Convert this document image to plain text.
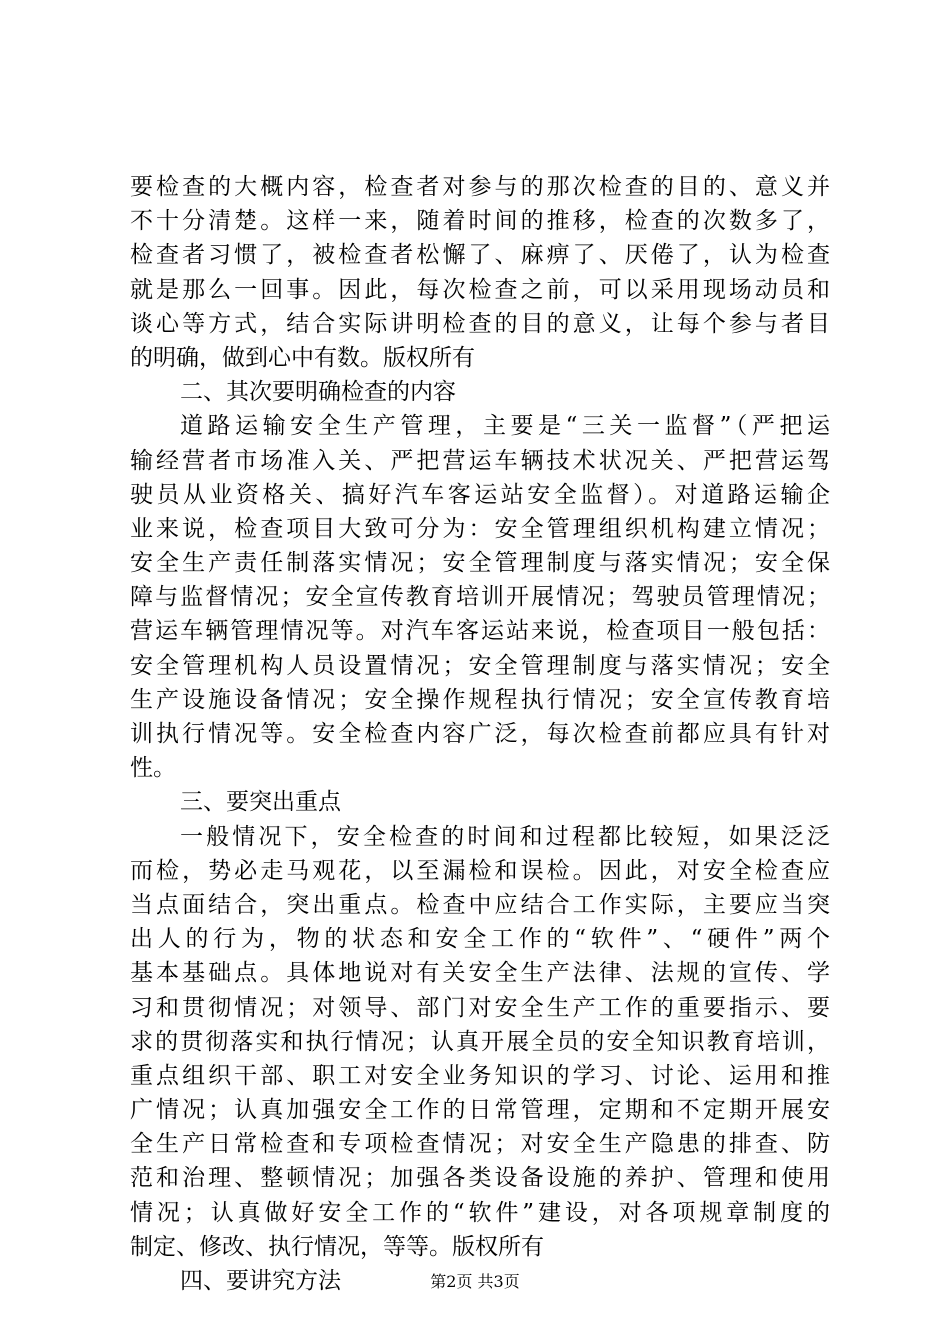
要检查的大概内容，检查者对参与的那次检查的目的、意义并
不十分清楚。这样一来，随着时间的推移，检查的次数多了，
检查者习惯了，被检查者松懈了、麻痹了、厌倦了，认为检查
就是那么一回事。因此，每次检查之前，可以采用现场动员和
谈心等方式，结合实际讲明检查的目的意义，让每个参与者目
的明确，做到心中有数。版权所有
二、其次要明确检查的内容
道路运输安全生产管理，主要是“三关一监督”（严把运
输经营者市场准入关、严把营运车辆技术状况关、严把营运驾
驶员从业资格关、搞好汽车客运站安全监督）。对道路运输企
业来说，检查项目大致可分为：安全管理组织机构建立情况；
安全生产责任制落实情况；安全管理制度与落实情况；安全保
障与监督情况；安全宣传教育培训开展情况；驾驶员管理情况；
营运车辆管理情况等。对汽车客运站来说，检查项目一般包括：
安全管理机构人员设置情况；安全管理制度与落实情况；安全
生产设施设备情况；安全操作规程执行情况；安全宣传教育培
训执行情况等。安全检查内容广泛，每次检查前都应具有针对
性。
三、要突出重点
一般情况下，安全检查的时间和过程都比较短，如果泛泛
而检，势必走马观花，以至漏检和误检。因此，对安全检查应
当点面结合，突出重点。检查中应结合工作实际，主要应当突
出人的行为，物的状态和安全工作的“软件”、“硬件”两个
基本基础点。具体地说对有关安全生产法律、法规的宣传、学
习和贯彻情况；对领导、部门对安全生产工作的重要指示、要
求的贯彻落实和执行情况；认真开展全员的安全知识教育培训，
重点组织干部、职工对安全业务知识的学习、讨论、运用和推
广情况；认真加强安全工作的日常管理，定期和不定期开展安
全生产日常检查和专项检查情况；对安全生产隐患的排查、防
范和治理、整顿情况；加强各类设备设施的养护、管理和使用
情况；认真做好安全工作的“软件”建设，对各项规章制度的
制定、修改、执行情况，等等。版权所有
四、要讲究方法	第2页 共3页
